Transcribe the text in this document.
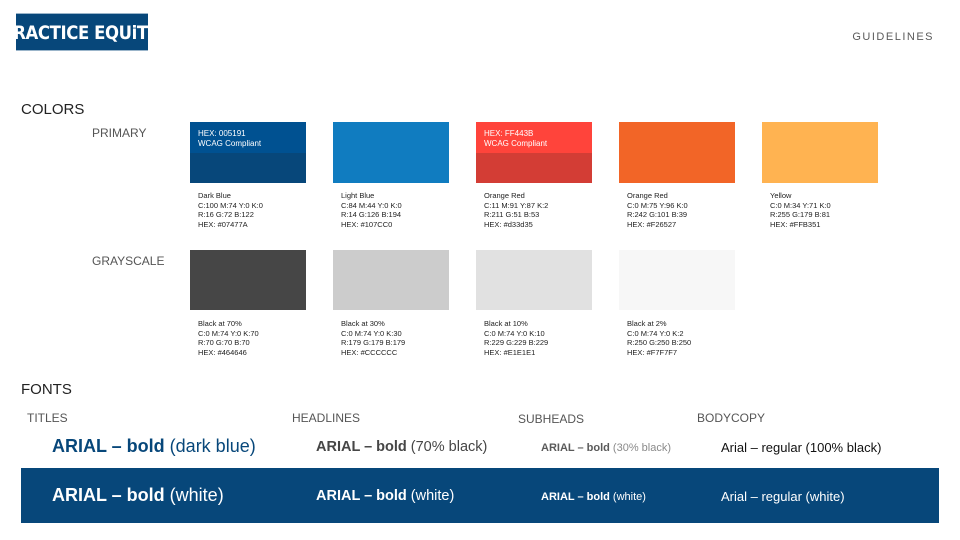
PRACTICE EQUiTY.	GUIDELINES
COLORS
PRIMARY
GRAYSCALE
HEX: 005191
WCAG Compliant
Dark Blue
C:100 M:74 Y:0 K:0
R:16 G:72 B:122
HEX: #07477A
Light Blue
C:84 M:44 Y:0 K:0
R:14 G:126 B:194
HEX: #107CC0
HEX: FF443B
WCAG Compliant
Orange Red
C:11 M:91 Y:87 K:2
R:211 G:51 B:53
HEX: #d33d35
Orange Red
C:0 M:75 Y:96 K:0
R:242 G:101 B:39
HEX: #F26527
Yellow
C:0 M:34 Y:71 K:0
R:255 G:179 B:81
HEX: #FFB351
Black at 70%
C:0 M:74 Y:0 K:70
R:70 G:70 B:70
HEX: #464646
Black at 30%
C:0 M:74 Y:0 K:30
R:179 G:179 B:179
HEX: #CCCCCC
Black at 10%
C:0 M:74 Y:0 K:10
R:229 G:229 B:229
HEX: #E1E1E1
Black at 2%
C:0 M:74 Y:0 K:2
R:250 G:250 B:250
HEX: #F7F7F7
FONTS
TITLES	HEADLINES	SUBHEADS	BODYCOPY
ARIAL – bold (dark blue)	ARIAL – bold (70% black)	ARIAL – bold (30% black)	Arial – regular (100% black)
ARIAL – bold (white)	ARIAL – bold (white)	ARIAL – bold (white)	Arial – regular (white)
